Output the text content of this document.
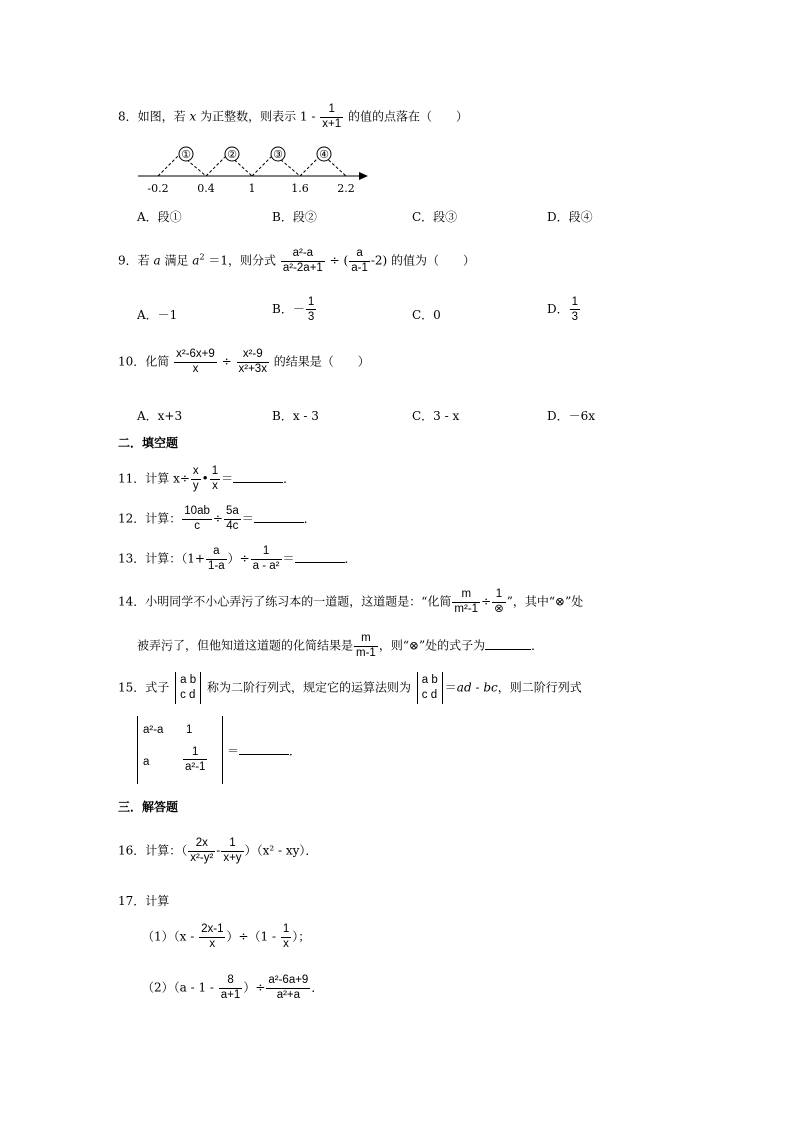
8．如图，若 x 为正整数，则表示 $1 - \frac{1}{x+1}$ 的值的点落在（　　）
①	②	③	④
-0.2	0.4	1	1.6	2.2
A．段①	B．段②	C．段③	D．段④
9．若 a 满足 $a^2 =1$，则分式 $\frac{\text{a²-a}}{\text{a²-2a+1}}$ ÷ ( $\frac{a}{a-1} -2$) 的值为（　　）
A．－1	B．－ $\frac{1}{3}$	C．0	D． $\frac{1}{3}$
10．化简 $\frac{\text{x²-6x+9}}{x} \div \frac{\text{x²-9}}{\text{x²+3x}}$ 的结果是（　　）
A．x+3	B．x - 3	C．3 - x	D．－6x
二．填空题
11．计算 $x\div \frac{x}{y}$ • $\frac{1}{x}$ ＝	．
12．计算： $\frac{10ab}{c} \div \frac{5a}{4c}$ ＝	．
13．计算：（$1+ \frac{a}{1-a}$ ）÷ $\frac{1}{\text{a - a²}}$ ＝	．
14．小明同学不小心弄污了练习本的一道题，这道题是：“化简 $\frac{m}{\text{m²-1}} \div \frac{1}{\otimes}$ ”，其中“⊗”处
被弄污了，但他知道这道题的化简结果是 $\frac{m}{m-1}$ ，则“⊗”处的式子为	．
15．式子
a b
c d
称为二阶行列式，规定它的运算法则为
a b
c d
＝ad - bc，则二阶行列式
a²-a 1
a	$\frac{1}{\text{a²-1}}$ ＝	．
三．解答题
16．计算：（ $\frac{2x}{\text{x²-y²}} - \frac{1}{x+y} )(x^2 - xy)$．
17．计算
$(1)(x - \frac{2x-1}{x} )\div(1 - \frac{1}{x}$ ）；
$(2)(a - 1 - \frac{8}{a+1}$ ）÷ $\frac{\text{a²-6a+9}}{\text{a²+a}}$ ．
